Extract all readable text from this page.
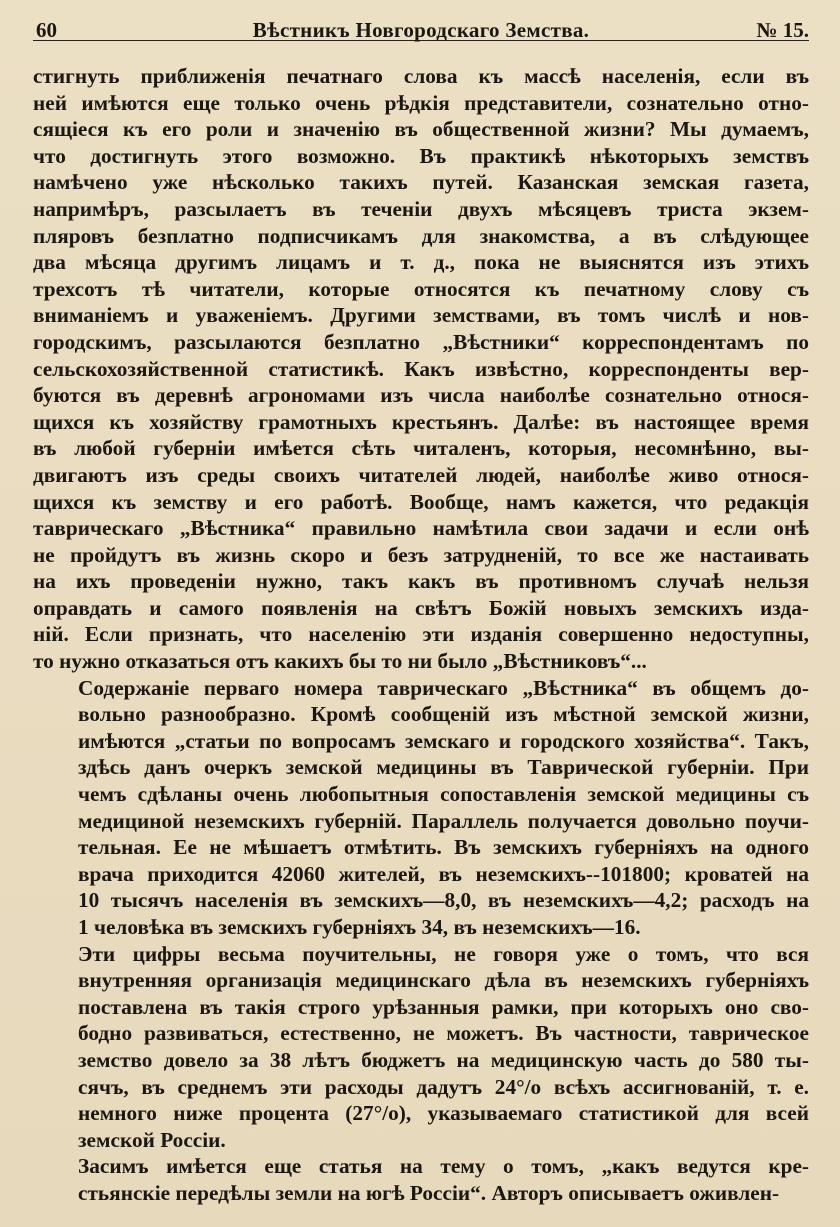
60	Вѣстникъ Новгородскаго Земства.	№ 15.

стигнуть приближенія печатнаго слова къ массѣ населенія, если въ
ней имѣются еще только очень рѣдкія представители, сознательно отно-
сящіеся къ его роли и значенію въ общественной жизни? Мы думаемъ,
что достигнуть этого возможно. Въ практикѣ нѣкоторыхъ земствъ
намѣчено уже нѣсколько такихъ путей. Казанская земская газета,
напримѣръ, разсылаетъ въ теченіи двухъ мѣсяцевъ триста экзем-
пляровъ безплатно подписчикамъ для знакомства, а въ слѣдующее
два мѣсяца другимъ лицамъ и т. д., пока не выяснятся изъ этихъ
трехсотъ тѣ читатели, которые относятся къ печатному слову съ
вниманіемъ и уваженіемъ. Другими земствами, въ томъ числѣ и нов-
городскимъ, разсылаются безплатно „Вѣстники“ корреспондентамъ по
сельскохозяйственной статистикѣ. Какъ извѣстно, корреспонденты вер-
буются въ деревнѣ агрономами изъ числа наиболѣе сознательно относя-
щихся къ хозяйству грамотныхъ крестьянъ. Далѣе: въ настоящее время
въ любой губерніи имѣется сѣть читаленъ, которыя, несомнѣнно, вы-
двигаютъ изъ среды своихъ читателей людей, наиболѣе живо относя-
щихся къ земству и его работѣ. Вообще, намъ кажется, что редакція
таврическаго „Вѣстника“ правильно намѣтила свои задачи и если онѣ
не пройдутъ въ жизнь скоро и безъ затрудненій, то все же настаивать
на ихъ проведеніи нужно, такъ какъ въ противномъ случаѣ нельзя
оправдать и самого появленія на свѣтъ Божій новыхъ земскихъ изда-
ній. Если признать, что населенію эти изданія совершенно недоступны,
то нужно отказаться отъ какихъ бы то ни было „Вѣстниковъ“...

Содержаніе перваго номера таврическаго „Вѣстника“ въ общемъ до-
вольно разнообразно. Кромѣ сообщеній изъ мѣстной земской жизни,
имѣются „статьи по вопросамъ земскаго и городского хозяйства“. Такъ,
здѣсь данъ очеркъ земской медицины въ Таврической губерніи. При
чемъ сдѣланы очень любопытныя сопоставленія земской медицины съ
медициной неземскихъ губерній. Параллель получается довольно поучи-
тельная. Ее не мѣшаетъ отмѣтить. Въ земскихъ губерніяхъ на одного
врача приходится 42060 жителей, въ неземскихъ--101800; кроватей на
10 тысячъ населенія въ земскихъ—8,0, въ неземскихъ—4,2; расходъ на
1 человѣка въ земскихъ губерніяхъ 34, въ неземскихъ—16.

Эти цифры весьма поучительны, не говоря уже о томъ, что вся
внутренняя организація медицинскаго дѣла въ неземскихъ губерніяхъ
поставлена въ такія строго урѣзанныя рамки, при которыхъ оно сво-
бодно развиваться, естественно, не можетъ. Въ частности, таврическое
земство довело за 38 лѣтъ бюджетъ на медицинскую часть до 580 ты-
сячъ, въ среднемъ эти расходы дадутъ 24°/о всѣхъ ассигнованій, т. е.
немного ниже процента (27°/о), указываемаго статистикой для всей
земской Россіи.

Засимъ имѣется еще статья на тему о томъ, „какъ ведутся кре-
стьянскіе передѣлы земли на югѣ Россіи“. Авторъ описываетъ оживлен-
